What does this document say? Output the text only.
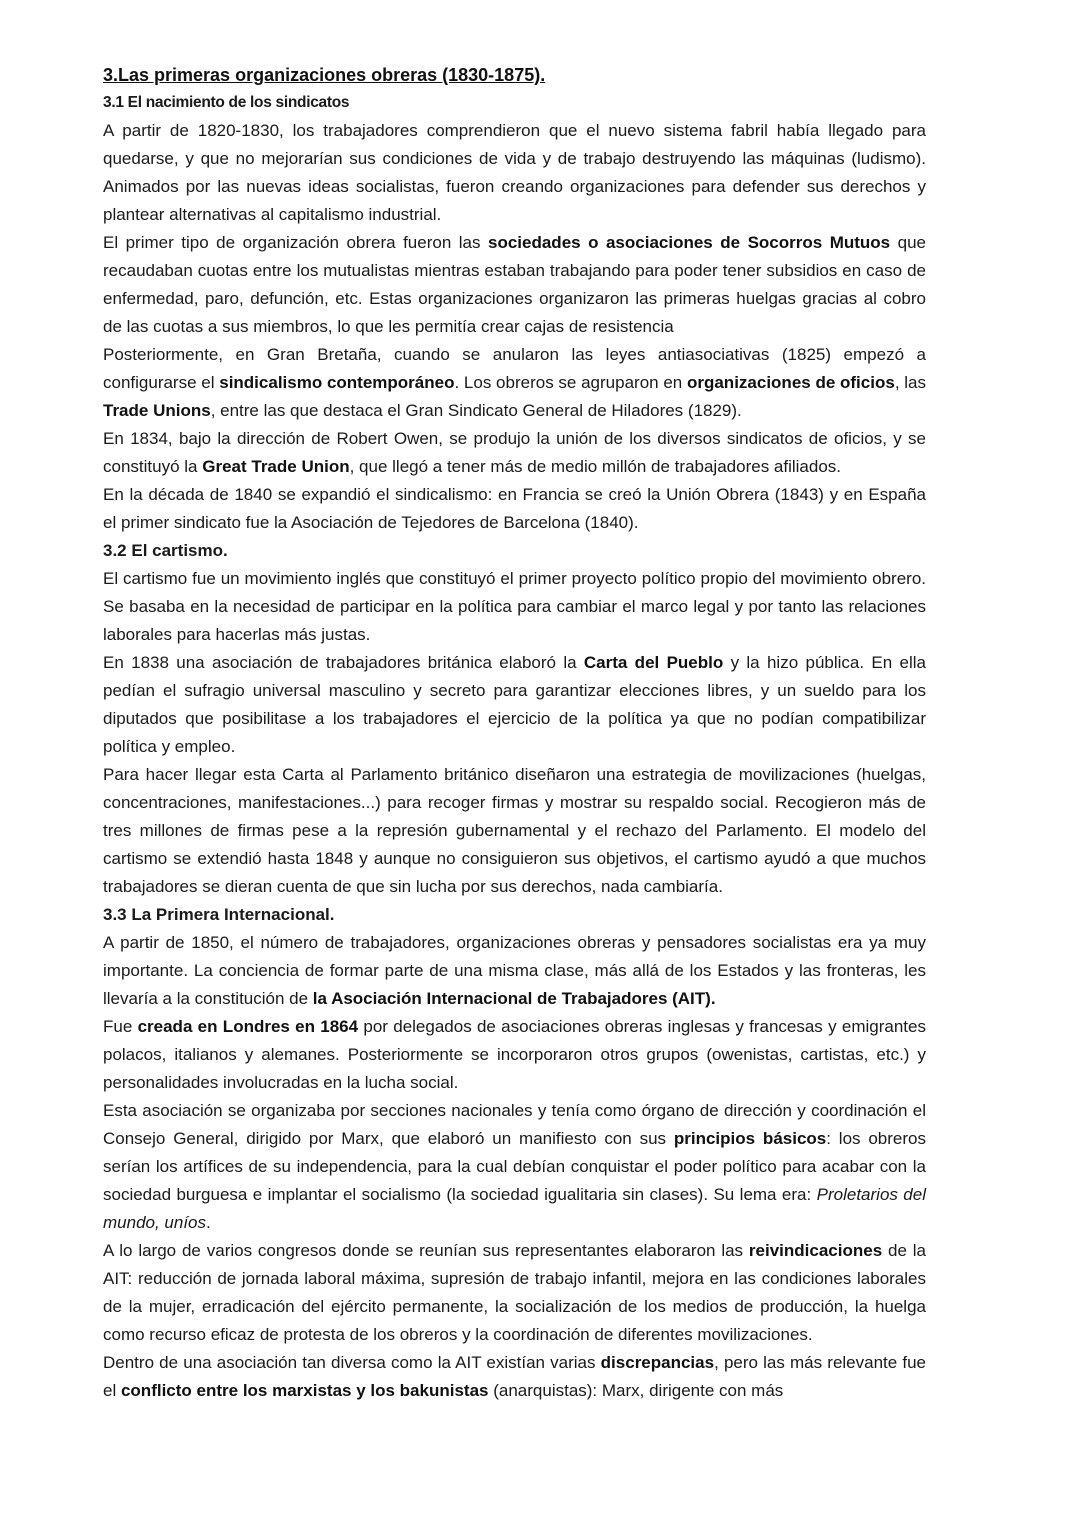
3.Las primeras organizaciones obreras (1830-1875).
3.1 El nacimiento de los sindicatos

A partir de 1820-1830, los trabajadores comprendieron que el nuevo sistema fabril había llegado para quedarse, y que no mejorarían sus condiciones de vida y de trabajo destruyendo las máquinas (ludismo). Animados por las nuevas ideas socialistas, fueron creando organizaciones para defender sus derechos y plantear alternativas al capitalismo industrial.

El primer tipo de organización obrera fueron las sociedades o asociaciones de Socorros Mutuos que recaudaban cuotas entre los mutualistas mientras estaban trabajando para poder tener subsidios en caso de enfermedad, paro, defunción, etc. Estas organizaciones organizaron las primeras huelgas gracias al cobro de las cuotas a sus miembros, lo que les permitía crear cajas de resistencia

Posteriormente, en Gran Bretaña, cuando se anularon las leyes antiasociativas (1825) empezó a configurarse el sindicalismo contemporáneo. Los obreros se agruparon en organizaciones de oficios, las Trade Unions, entre las que destaca el Gran Sindicato General de Hiladores (1829).

En 1834, bajo la dirección de Robert Owen, se produjo la unión de los diversos sindicatos de oficios, y se constituyó la Great Trade Union, que llegó a tener más de medio millón de trabajadores afiliados.

En la década de 1840 se expandió el sindicalismo: en Francia se creó la Unión Obrera (1843) y en España el primer sindicato fue la Asociación de Tejedores de Barcelona (1840).

3.2 El cartismo.

El cartismo fue un movimiento inglés que constituyó el primer proyecto político propio del movimiento obrero. Se basaba en la necesidad de participar en la política para cambiar el marco legal y por tanto las relaciones laborales para hacerlas más justas.

En 1838 una asociación de trabajadores británica elaboró la Carta del Pueblo y la hizo pública. En ella pedían el sufragio universal masculino y secreto para garantizar elecciones libres, y un sueldo para los diputados que posibilitase a los trabajadores el ejercicio de la política ya que no podían compatibilizar política y empleo.

Para hacer llegar esta Carta al Parlamento británico diseñaron una estrategia de movilizaciones (huelgas, concentraciones, manifestaciones...) para recoger firmas y mostrar su respaldo social. Recogieron más de tres millones de firmas pese a la represión gubernamental y el rechazo del Parlamento. El modelo del cartismo se extendió hasta 1848 y aunque no consiguieron sus objetivos, el cartismo ayudó a que muchos trabajadores se dieran cuenta de que sin lucha por sus derechos, nada cambiaría.

3.3 La Primera Internacional.

A partir de 1850, el número de trabajadores, organizaciones obreras y pensadores socialistas era ya muy importante. La conciencia de formar parte de una misma clase, más allá de los Estados y las fronteras, les llevaría a la constitución de la Asociación Internacional de Trabajadores (AIT).

Fue creada en Londres en 1864 por delegados de asociaciones obreras inglesas y francesas y emigrantes polacos, italianos y alemanes. Posteriormente se incorporaron otros grupos (owenistas, cartistas, etc.) y personalidades involucradas en la lucha social.

Esta asociación se organizaba por secciones nacionales y tenía como órgano de dirección y coordinación el Consejo General, dirigido por Marx, que elaboró un manifiesto con sus principios básicos: los obreros serían los artífices de su independencia, para la cual debían conquistar el poder político para acabar con la sociedad burguesa e implantar el socialismo (la sociedad igualitaria sin clases). Su lema era: Proletarios del mundo, uníos.

A lo largo de varios congresos donde se reunían sus representantes elaboraron las reivindicaciones de la AIT: reducción de jornada laboral máxima, supresión de trabajo infantil, mejora en las condiciones laborales de la mujer, erradicación del ejército permanente, la socialización de los medios de producción, la huelga como recurso eficaz de protesta de los obreros y la coordinación de diferentes movilizaciones.

Dentro de una asociación tan diversa como la AIT existían varias discrepancias, pero las más relevante fue el conflicto entre los marxistas y los bakunistas (anarquistas): Marx, dirigente con más
